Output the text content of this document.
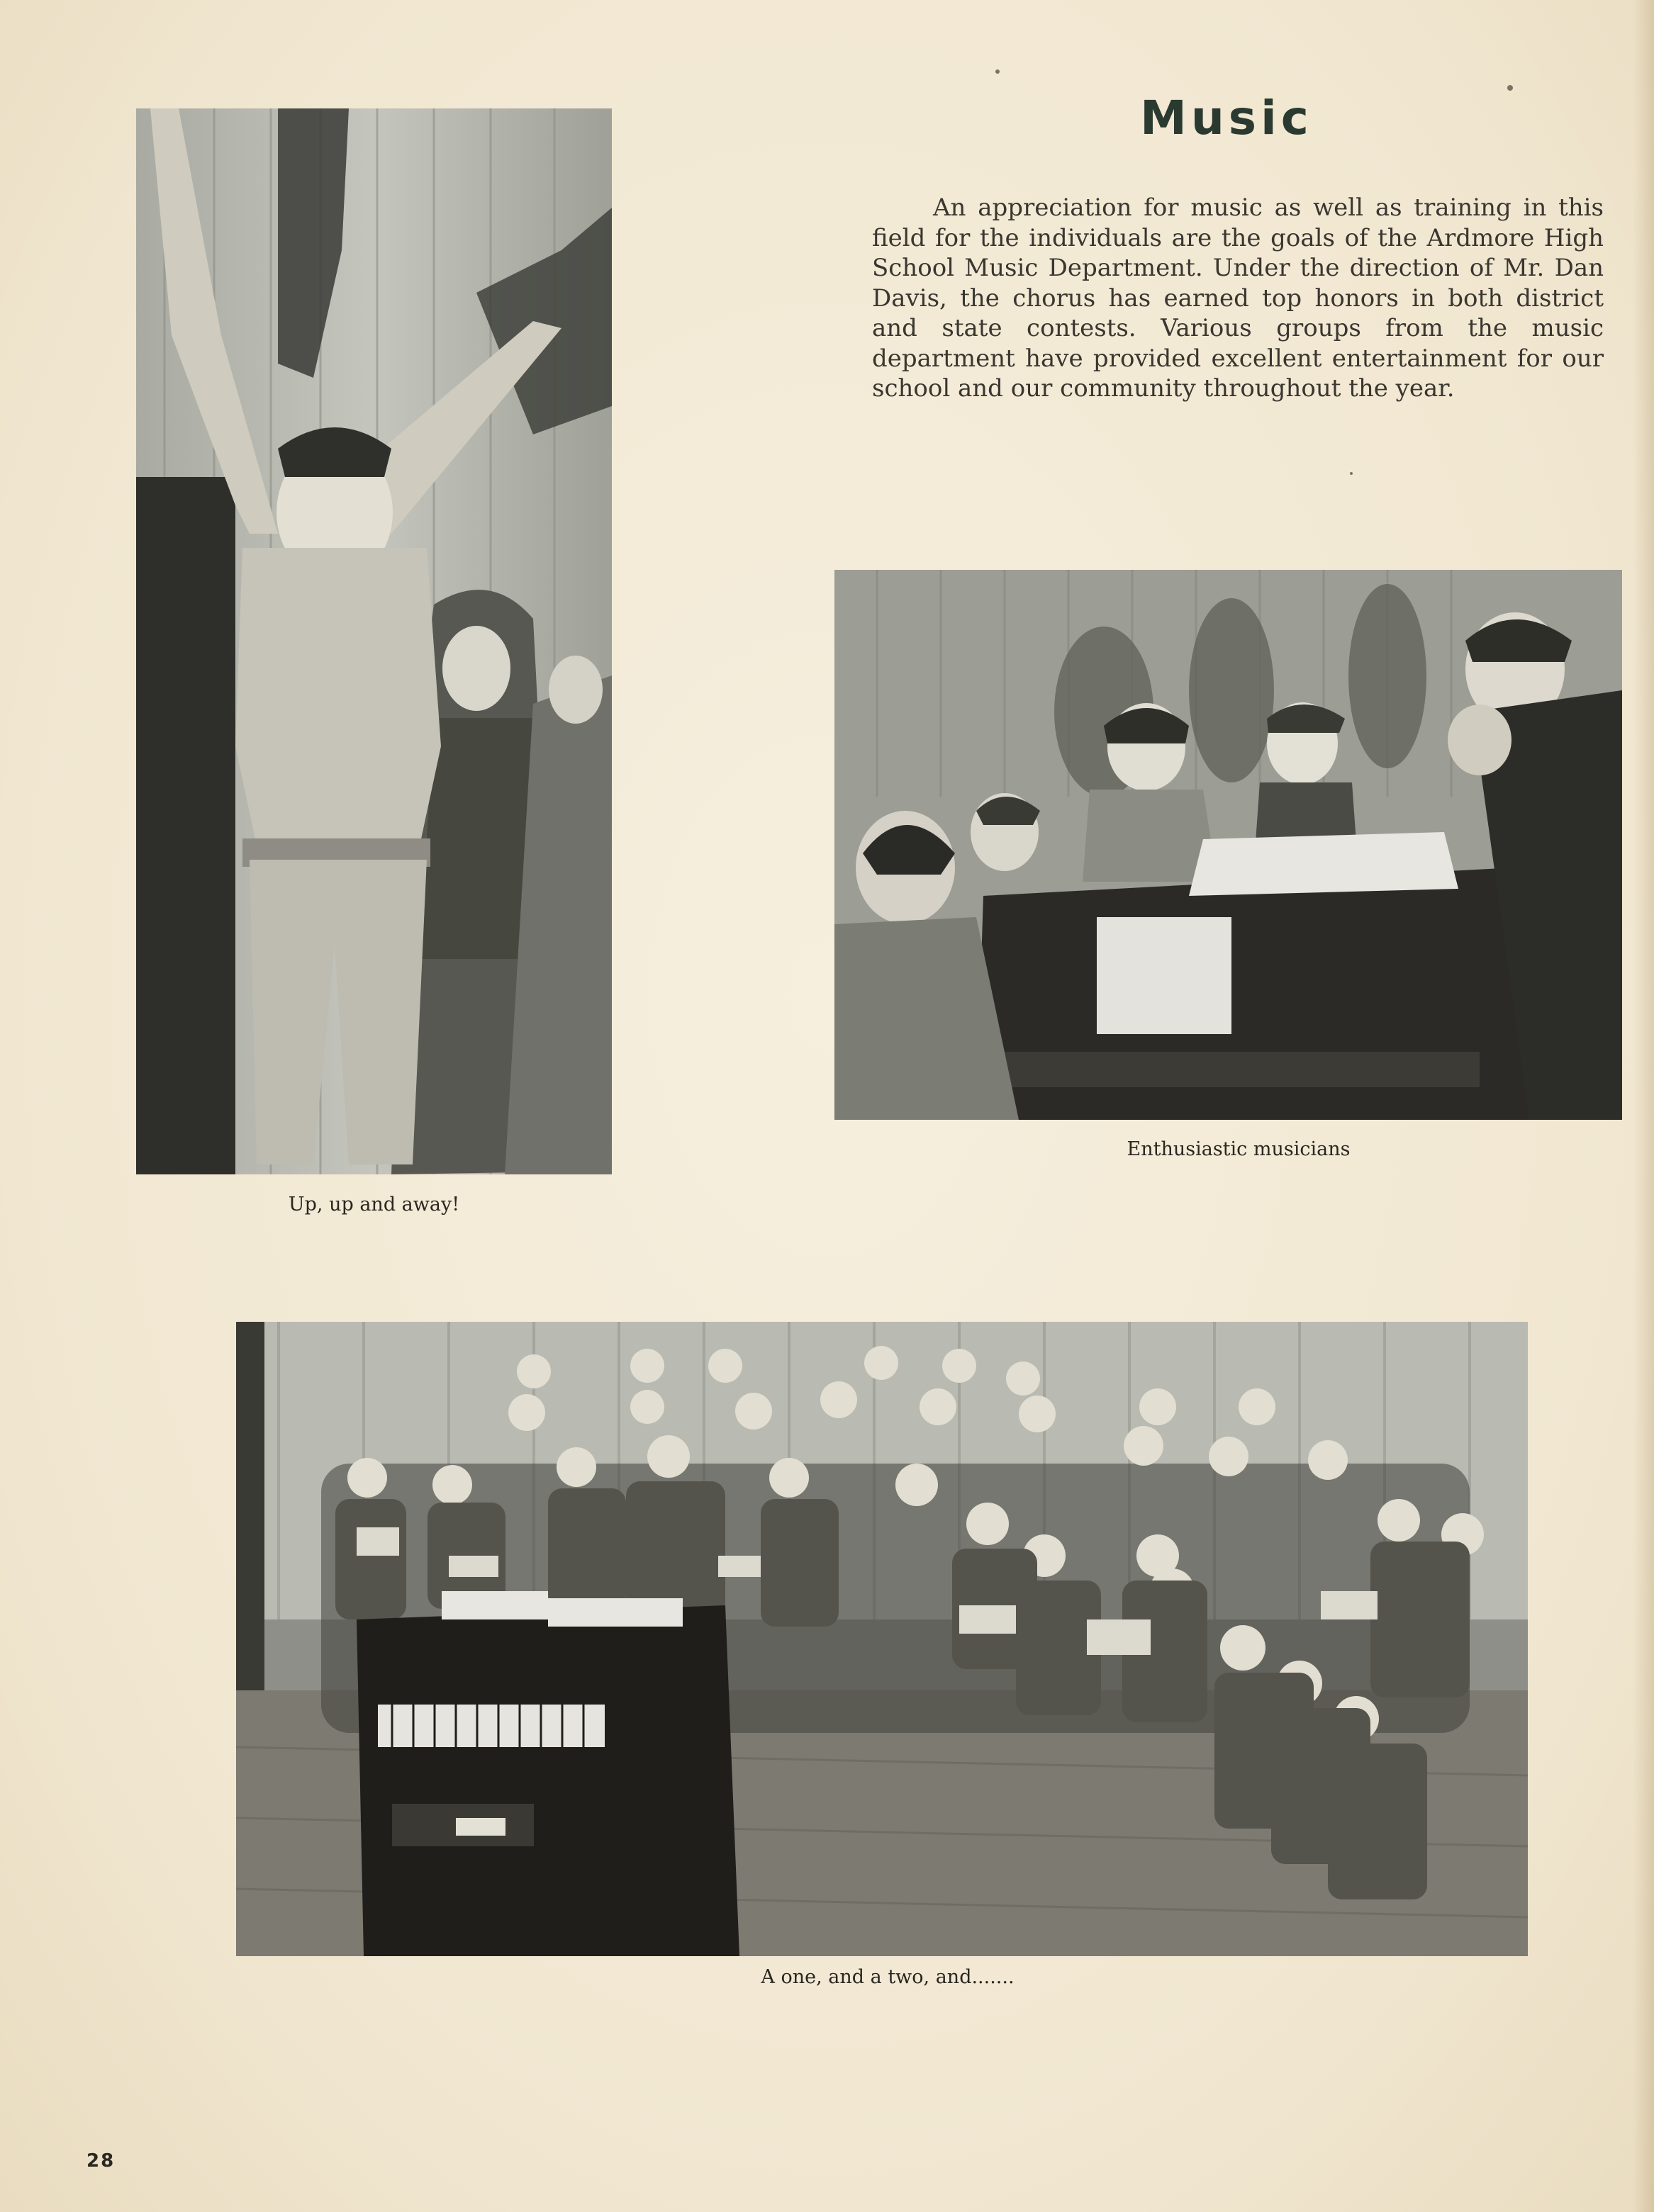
Music

An appreciation for music as well as training in this field for the individuals are the goals of the Ardmore High School Music Department. Under the direction of Mr. Dan Davis, the chorus has earned top honors in both district and state contests. Various groups from the music department have provided excellent entertainment for our school and our community throughout the year.

Up, up and away!
Enthusiastic musicians
A one, and a two, and.......
28
